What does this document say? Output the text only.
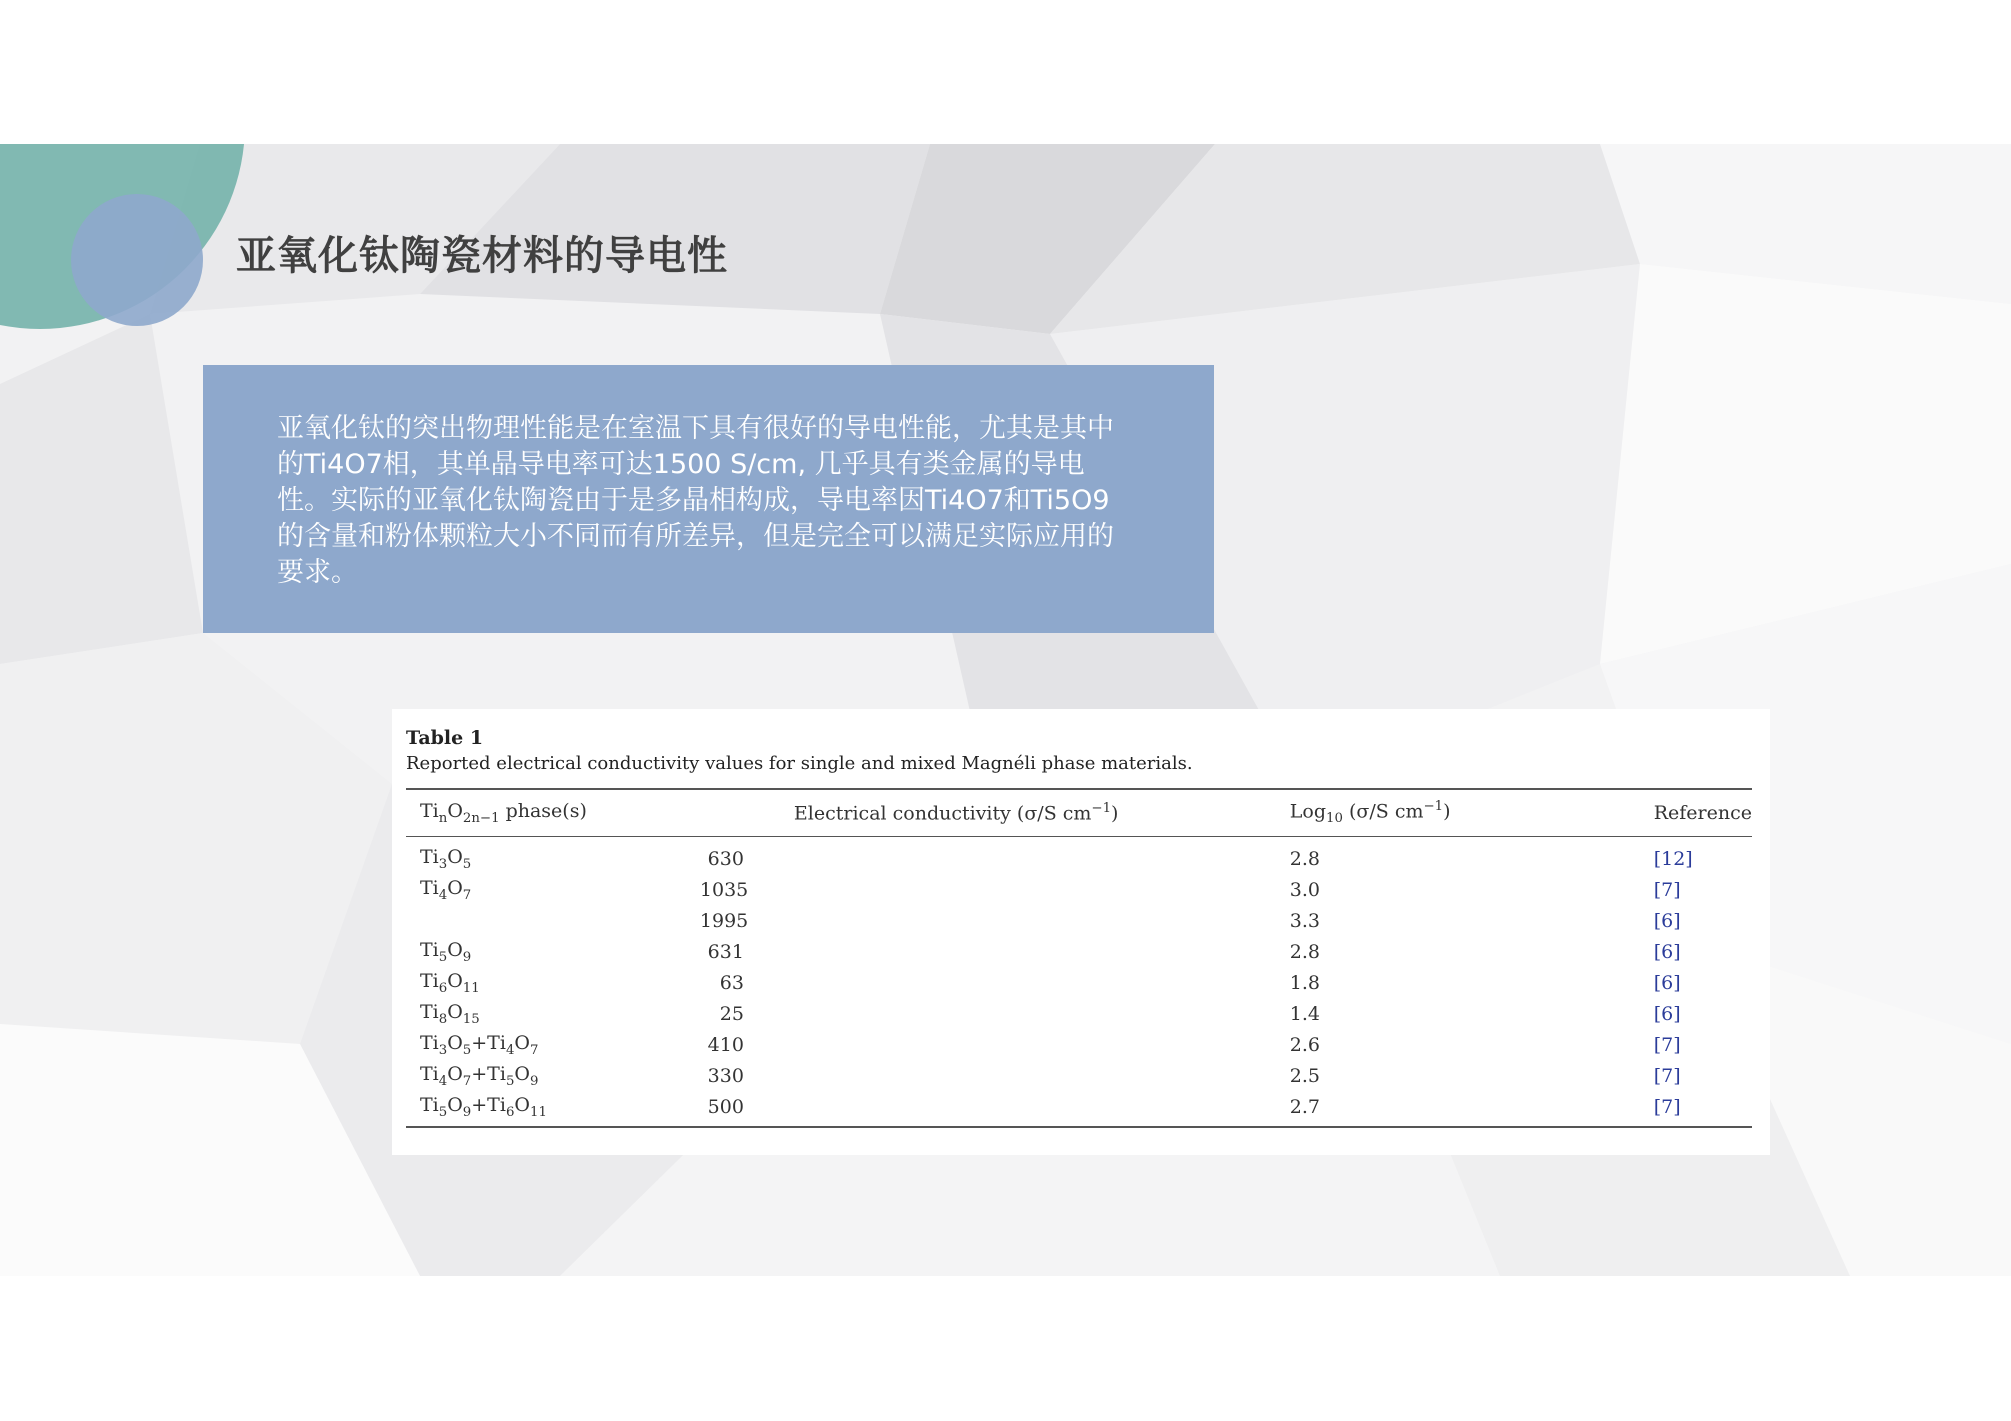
亚氧化钛陶瓷材料的导电性

亚氧化钛的突出物理性能是在室温下具有很好的导电性能，尤其是其中的Ti4O7相，其单晶导电率可达1500 S/cm, 几乎具有类金属的导电性。实际的亚氧化钛陶瓷由于是多晶相构成，导电率因Ti4O7和Ti5O9的含量和粉体颗粒大小不同而有所差异，但是完全可以满足实际应用的要求。

Table 1

Reported electrical conductivity values for single and mixed Magnéli phase materials.

$Ti_nO_{2n-1}$ phase(s)	Electrical conductivity (σ/S $cm^{-1}$)	Log$_{10}$ (σ/S $cm^{-1}$)	Reference
$Ti_3O_5$	630	2.8	[12]
$Ti_4O_7$	1035	3.0	[7]
	1995	3.3	[6]
$Ti_5O_9$	631	2.8	[6]
$Ti_6O_{11}$	63	1.8	[6]
$Ti_8O_{15}$	25	1.4	[6]
$Ti_3O_5+Ti_4O_7$	410	2.6	[7]
$Ti_4O_7+Ti_5O_9$	330	2.5	[7]
$Ti_5O_9+Ti_6O_{11}$	500	2.7	[7]
